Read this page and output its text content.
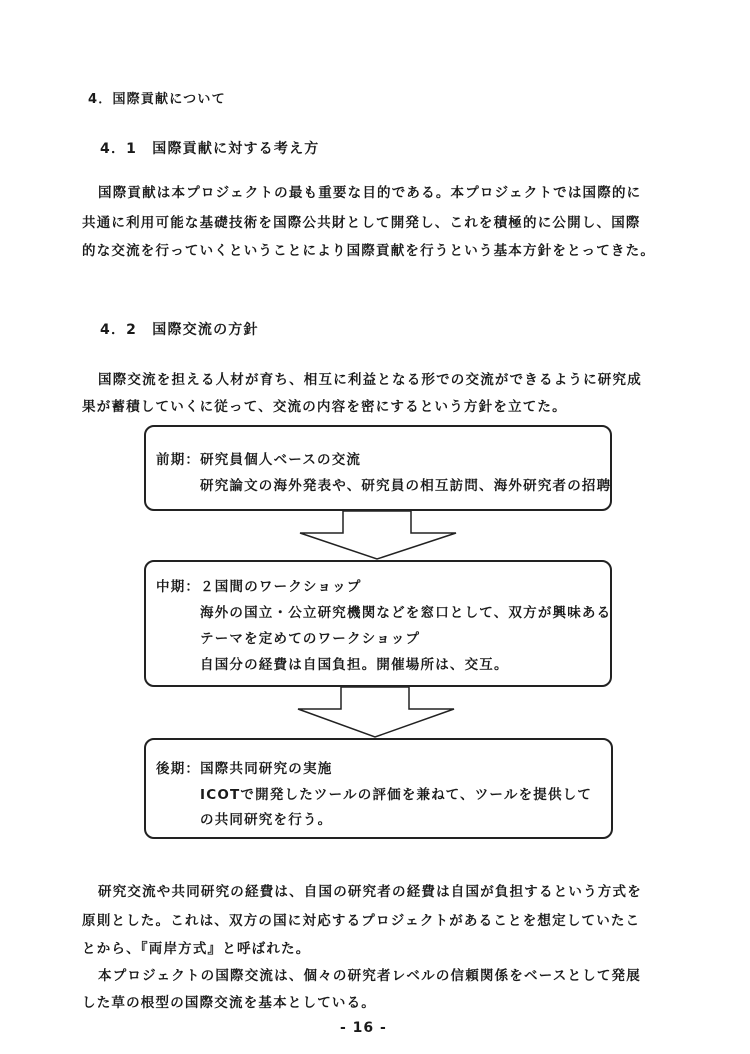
4．国際貢献について
4．1　国際貢献に対する考え方
国際貢献は本プロジェクトの最も重要な目的である。本プロジェクトでは国際的に
共通に利用可能な基礎技術を国際公共財として開発し、これを積極的に公開し、国際
的な交流を行っていくということにより国際貢献を行うという基本方針をとってきた。
4．2　国際交流の方針
国際交流を担える人材が育ち、相互に利益となる形での交流ができるように研究成
果が蓄積していくに従って、交流の内容を密にするという方針を立てた。
前期：研究員個人ベースの交流
研究論文の海外発表や、研究員の相互訪問、海外研究者の招聘
中期：２国間のワークショップ
海外の国立・公立研究機関などを窓口として、双方が興味ある
テーマを定めてのワークショップ
自国分の経費は自国負担。開催場所は、交互。
後期：国際共同研究の実施
ICOTで開発したツールの評価を兼ねて、ツールを提供して
の共同研究を行う。
研究交流や共同研究の経費は、自国の研究者の経費は自国が負担するという方式を
原則とした。これは、双方の国に対応するプロジェクトがあることを想定していたこ
とから、『両岸方式』と呼ばれた。
本プロジェクトの国際交流は、個々の研究者レベルの信頼関係をベースとして発展
した草の根型の国際交流を基本としている。
- 16 -
